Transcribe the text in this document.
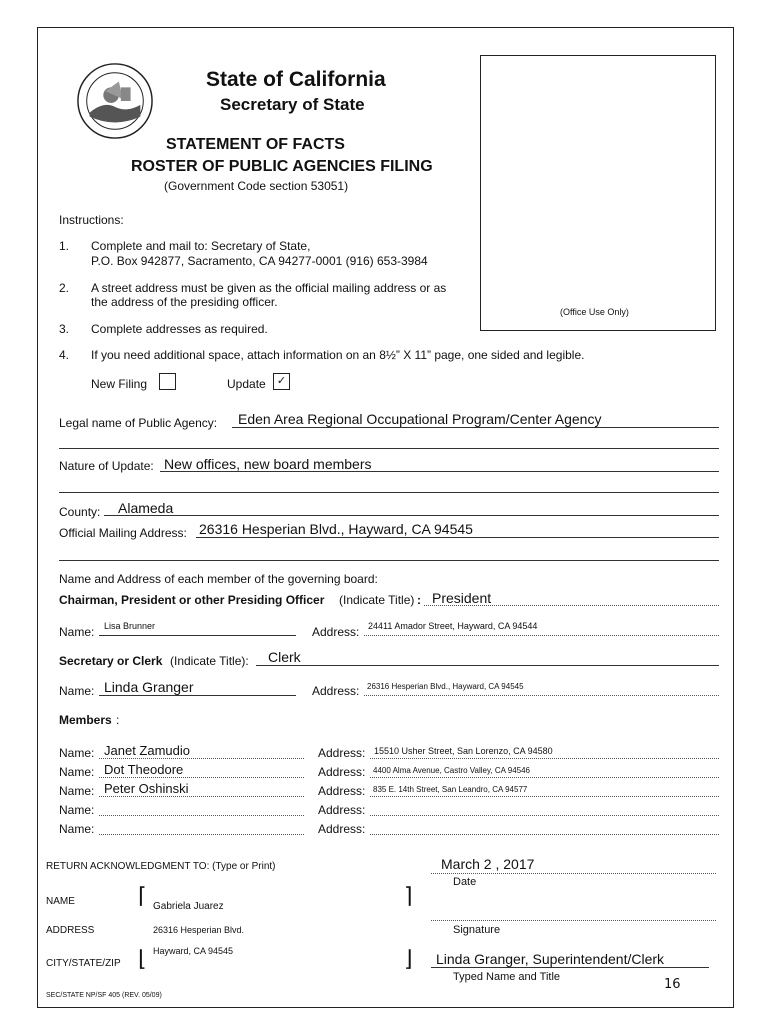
State of California
Secretary of State
STATEMENT OF FACTS
ROSTER OF PUBLIC AGENCIES FILING
(Government Code section 53051)
(Office Use Only)
Instructions:
1. Complete and mail to: Secretary of State,
P.O. Box 942877, Sacramento, CA 94277-0001 (916) 653-3984
2. A street address must be given as the official mailing address or as
the address of the presiding officer.
3. Complete addresses as required.
4. If you need additional space, attach information on an 8½” X 11” page, one sided and legible.
New Filing	Update	✓
Legal name of Public Agency: Eden Area Regional Occupational Program/Center Agency
Nature of Update: New offices, new board members
County: Alameda
Official Mailing Address: 26316 Hesperian Blvd., Hayward, CA 94545
Name and Address of each member of the governing board:
Chairman, President or other Presiding Officer (Indicate Title) : President
Name: Lisa Brunner	Address: 24411 Amador Street, Hayward, CA 94544
Secretary or Clerk (Indicate Title): Clerk
Name: Linda Granger	Address: 26316 Hesperian Blvd., Hayward, CA 94545
Members :
Name: Janet Zamudio	Address: 15510 Usher Street, San Lorenzo, CA 94580
Name: Dot Theodore	Address: 4400 Alma Avenue, Castro Valley, CA 94546
Name: Peter Oshinski	Address: 835 E. 14th Street, San Leandro, CA 94577
Name:	Address:
Name:	Address:
RETURN ACKNOWLEDGMENT TO: (Type or Print)
NAME	⌈ Gabriela Juarez	⌉
ADDRESS	26316 Hesperian Blvd.
CITY/STATE/ZIP ⌊ Hayward, CA 94545	⌋
March 2 , 2017
Date
Signature
Linda Granger, Superintendent/Clerk
Typed Name and Title
SEC/STATE NP/SF 405 (REV. 05/09)
16
